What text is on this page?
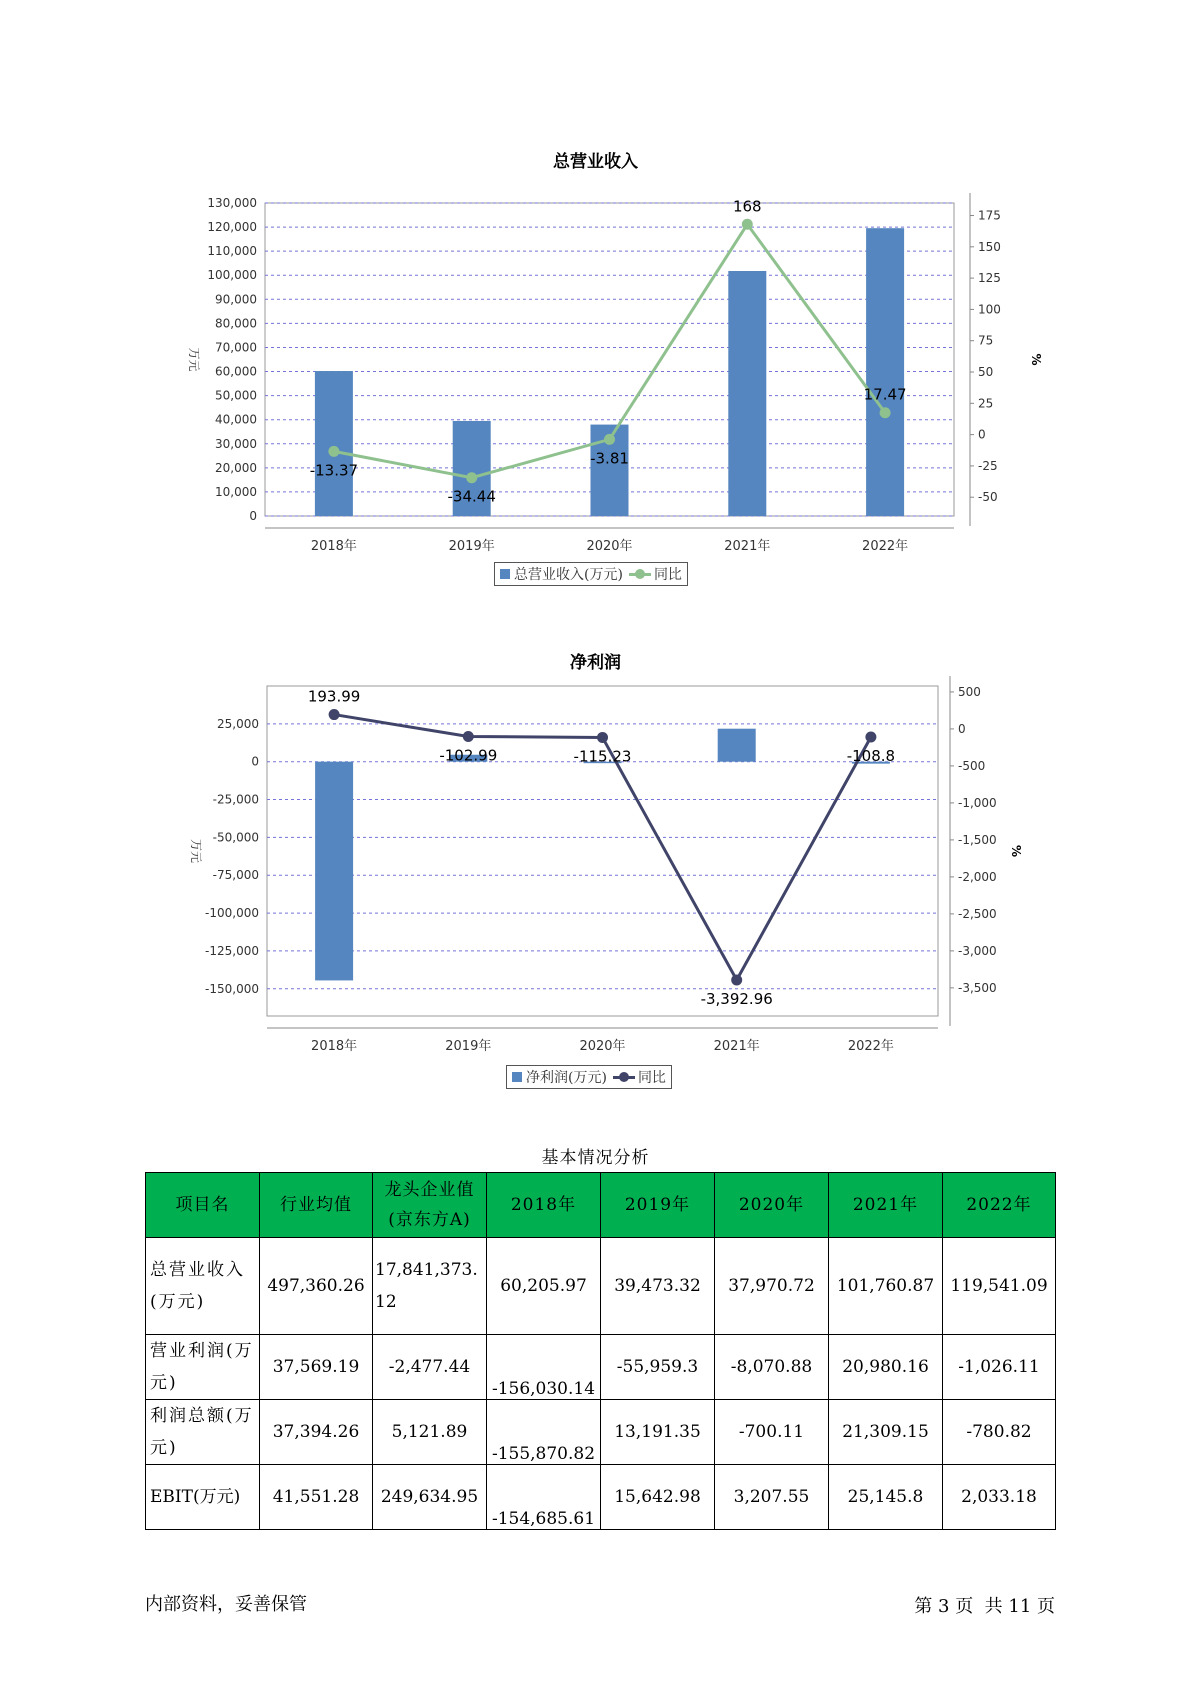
总营业收入
0
10,000
20,000
30,000
40,000
50,000
60,000
70,000
80,000
90,000
100,000
110,000
120,000
130,000
-50
-25
0
25
50
75
100
125
150
175
万元	%
2018年	2019年	2020年	2021年	2022年
-13.37
-34.44
-3.81
168
17.47
总营业收入(万元) 同比
净利润
25,000
0
-25,000
-50,000
-75,000
-100,000
-125,000
-150,000
500
0
-500
-1,000
-1,500
-2,000
-2,500
-3,000
-3,500
万元	%
2018年	2019年	2020年	2021年	2022年
193.99
-102.99	-115.23
-3,392.96
-108.8
净利润(万元) 同比
基本情况分析
项目名	行业均值	龙头企业值(京东方A)	2018年	2019年	2020年	2021年	2022年
总营业收入(万元)	497,360.26	17,841,373.12	60,205.97	39,473.32	37,970.72	101,760.87	119,541.09
营业利润(万元)	37,569.19	-2,477.44	-156,030.14	-55,959.3	-8,070.88	20,980.16	-1,026.11
利润总额(万元)	37,394.26	5,121.89	-155,870.82	13,191.35	-700.11	21,309.15	-780.82
EBIT(万元)	41,551.28	249,634.95	-154,685.61	15,642.98	3,207.55	25,145.8	2,033.18
内部资料，妥善保管	第 3 页  共 11 页
